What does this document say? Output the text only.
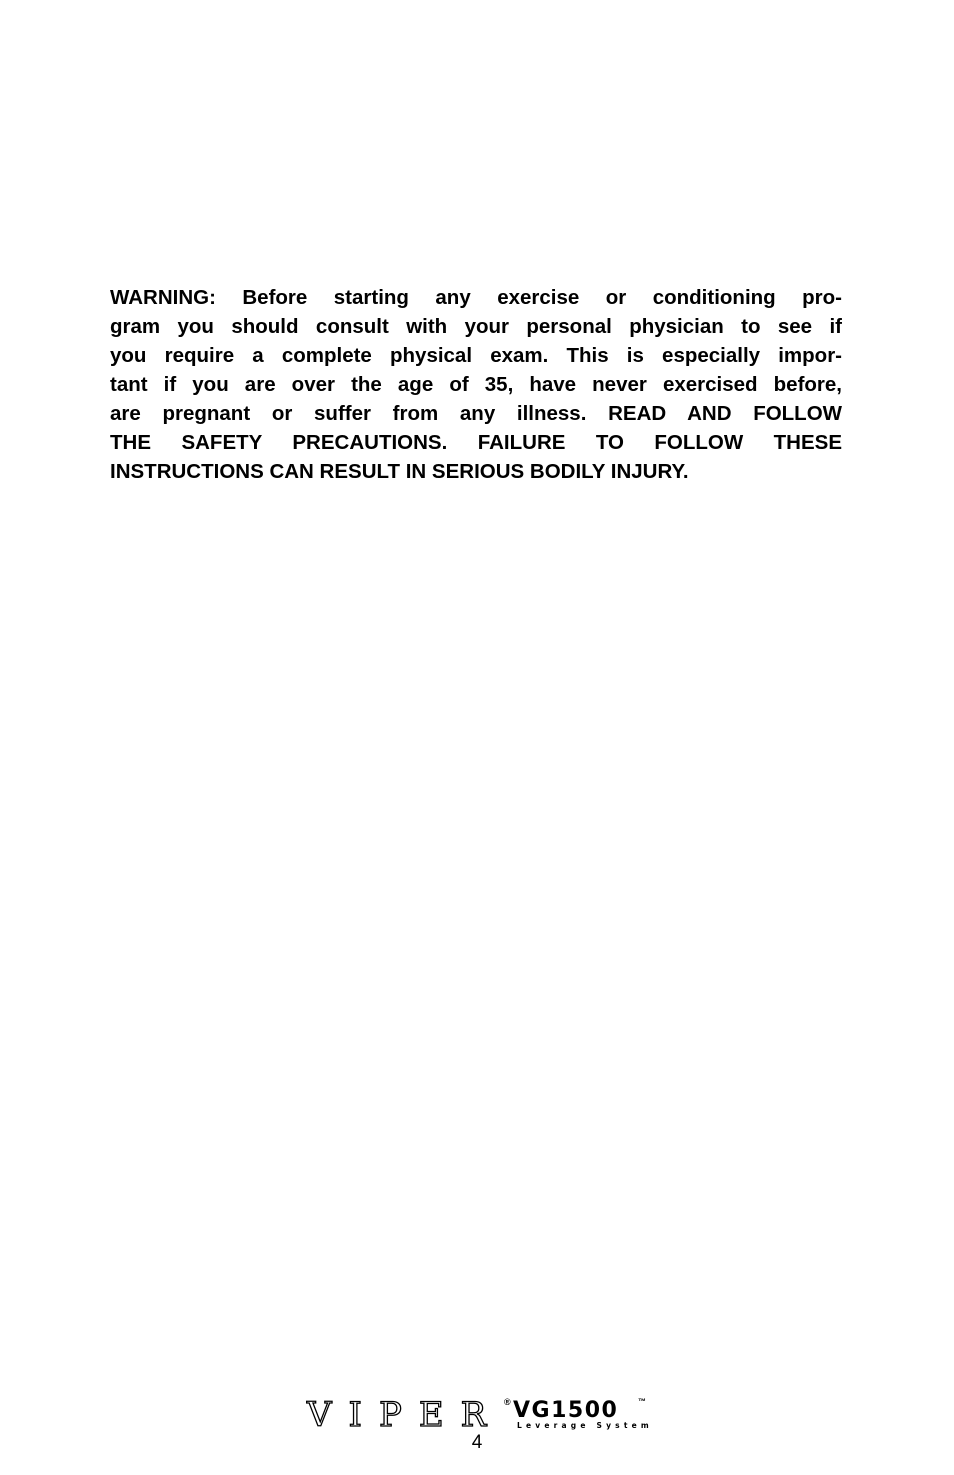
WARNING: Before starting any exercise or conditioning pro-
gram you should consult with your personal physician to see if
you require a complete physical exam. This is especially impor-
tant if you are over the age of 35, have never exercised before,
are pregnant or suffer from any illness. READ AND FOLLOW
THE SAFETY PRECAUTIONS. FAILURE TO FOLLOW THESE
INSTRUCTIONS CAN RESULT IN SERIOUS BODILY INJURY.
VIPER ® VG1500 ™
Leverage System
4
